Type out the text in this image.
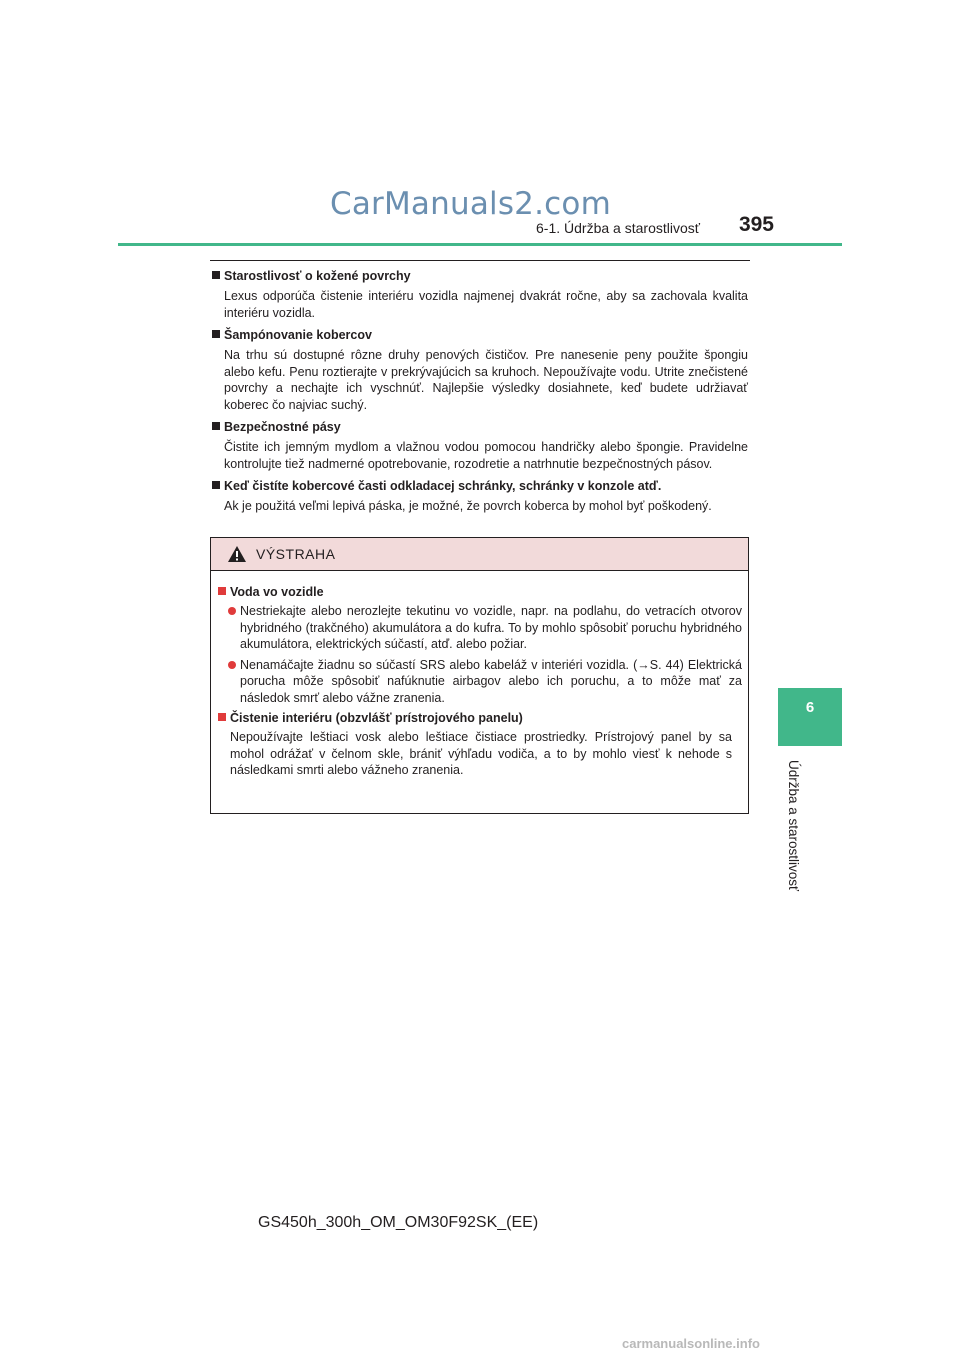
CarManuals2.com
6-1. Údržba a starostlivosť	395
6
Údržba a starostlivosť
Starostlivosť o kožené povrchy
Lexus odporúča čistenie interiéru vozidla najmenej dvakrát ročne, aby sa zachovala kvalita interiéru vozidla.
Šampónovanie kobercov
Na trhu sú dostupné rôzne druhy penových čističov. Pre nanesenie peny použite špongiu alebo kefu. Penu roztierajte v prekrývajúcich sa kruhoch. Nepoužívajte vodu. Utrite znečistené povrchy a nechajte ich vyschnúť. Najlepšie výsledky dosiahnete, keď budete udržiavať koberec čo najviac suchý.
Bezpečnostné pásy
Čistite ich jemným mydlom a vlažnou vodou pomocou handričky alebo špongie. Pravidelne kontrolujte tiež nadmerné opotrebovanie, rozodretie a natrhnutie bezpečnostných pásov.
Keď čistíte kobercové časti odkladacej schránky, schránky v konzole atď.
Ak je použitá veľmi lepivá páska, je možné, že povrch koberca by mohol byť poškodený.
VÝSTRAHA
Voda vo vozidle
Nestriekajte alebo nerozlejte tekutinu vo vozidle, napr. na podlahu, do vetracích otvorov hybridného (trakčného) akumulátora a do kufra. To by mohlo spôsobiť poruchu hybridného akumulátora, elektrických súčastí, atď. alebo požiar.
Nenamáčajte žiadnu so súčastí SRS alebo kabeláž v interiéri vozidla. (→S. 44) Elektrická porucha môže spôsobiť nafúknutie airbagov alebo ich poruchu, a to môže mať za následok smrť alebo vážne zranenia.
Čistenie interiéru (obzvlášť prístrojového panelu)
Nepoužívajte leštiaci vosk alebo leštiace čistiace prostriedky. Prístrojový panel by sa mohol odrážať v čelnom skle, brániť výhľadu vodiča, a to by mohlo viesť k nehode s následkami smrti alebo vážneho zranenia.
GS450h_300h_OM_OM30F92SK_(EE)
carmanualsonline.info
